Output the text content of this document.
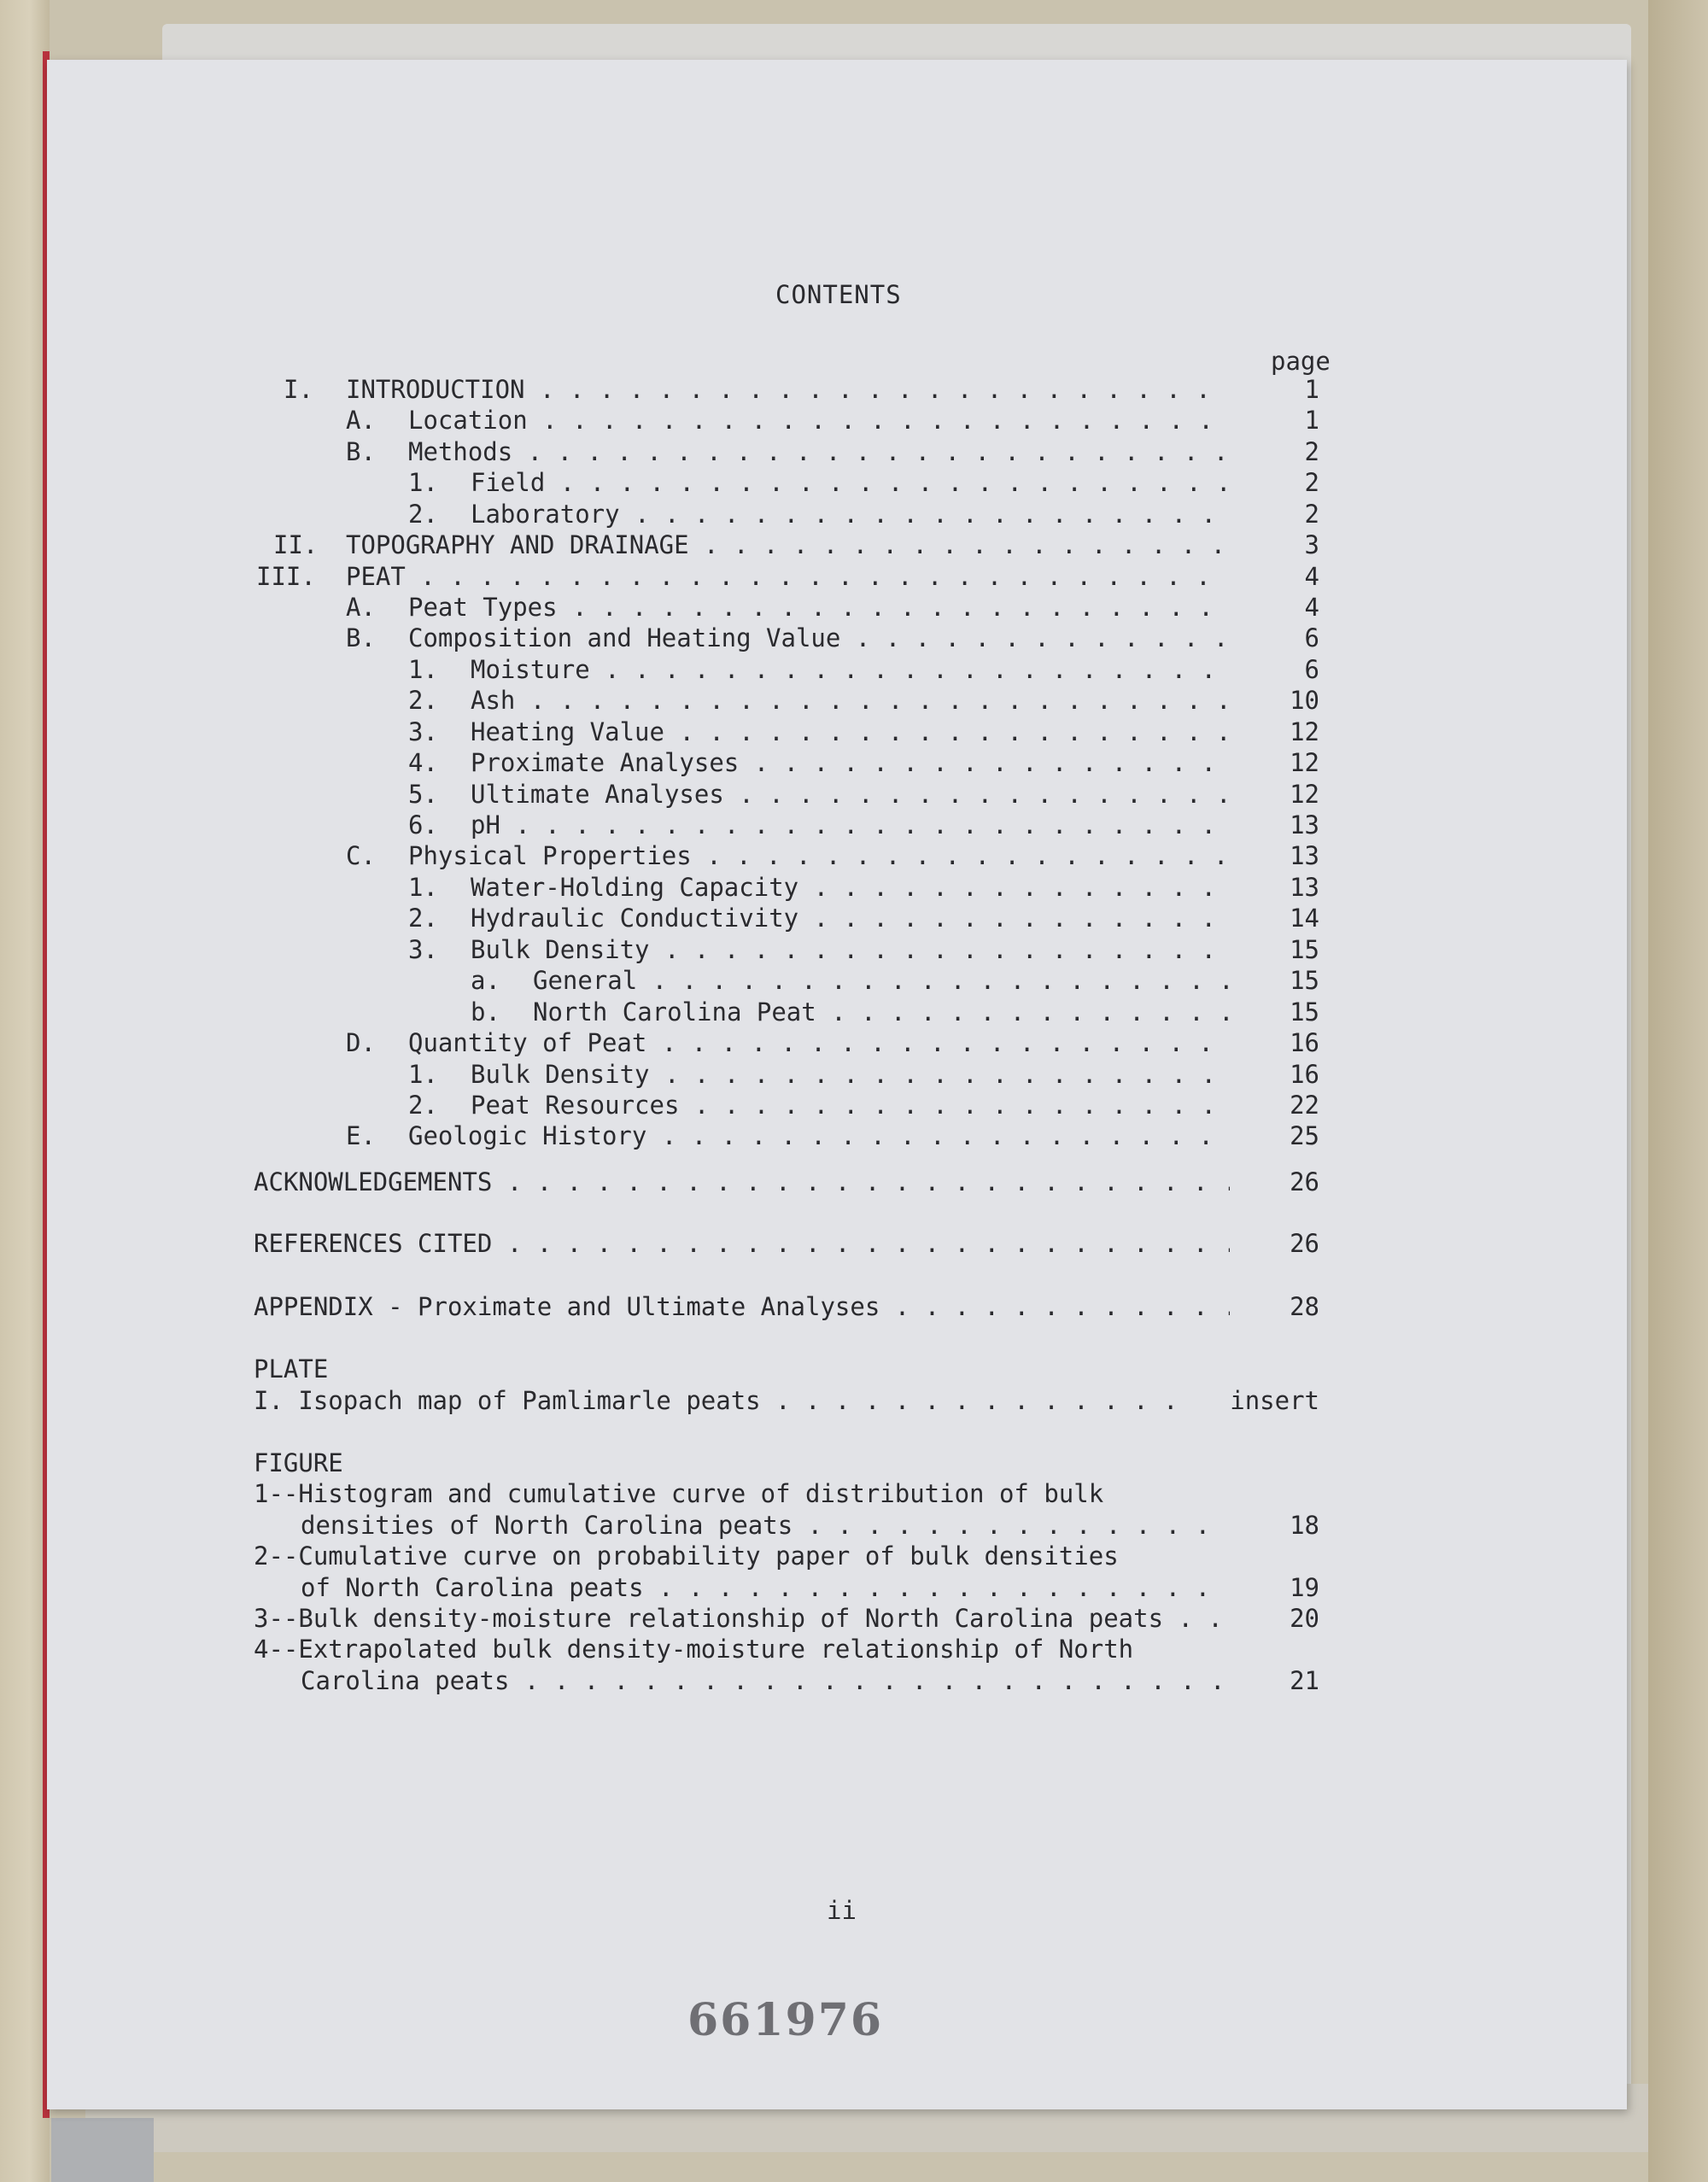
CONTENTS
page
I. INTRODUCTION . . .	1
A. Location . . .	1
B. Methods . . .	2
1. Field . . .	2
2. Laboratory . . .	2
II. TOPOGRAPHY AND DRAINAGE . . .	3
III. PEAT . . .	4
A. Peat Types . . .	4
B. Composition and Heating Value . . .	6
1. Moisture . . .	6
2. Ash . . .	10
3. Heating Value . . .	12
4. Proximate Analyses . . .	12
5. Ultimate Analyses . . .	12
6. pH . . .	13
C. Physical Properties . . .	13
1. Water-Holding Capacity . . .	13
2. Hydraulic Conductivity . . .	14
3. Bulk Density . . .	15
a. General . . .	15
b. North Carolina Peat . . .	15
D. Quantity of Peat . . .	16
1. Bulk Density . . .	16
2. Peat Resources . . .	22
E. Geologic History . . .	25
ACKNOWLEDGEMENTS . . .	26
REFERENCES CITED . . .	26
APPENDIX - Proximate and Ultimate Analyses . . .	28
PLATE
I. Isopach map of Pamlimarle peats . . .	insert
FIGURE
1--Histogram and cumulative curve of distribution of bulk
densities of North Carolina peats . . .	18
2--Cumulative curve on probability paper of bulk densities
of North Carolina peats . . .	19
3--Bulk density-moisture relationship of North Carolina peats . . .	20
4--Extrapolated bulk density-moisture relationship of North
Carolina peats . . .	21
ii
661976
